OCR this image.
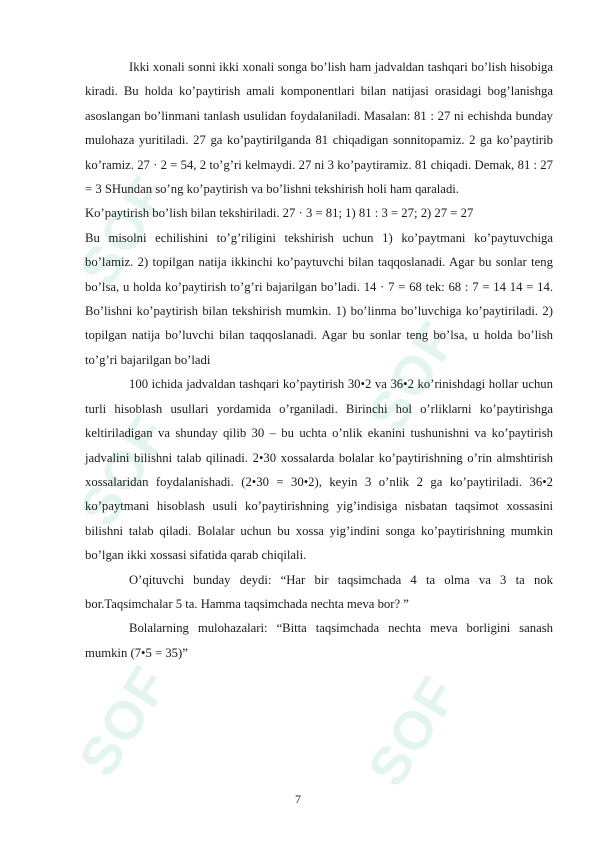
SOF
SOF
SOF
SOF
SOF

Ikki xonali sonni ikki xonali songa bo’lish ham jadvaldan tashqari bo’lish hisobiga kiradi. Bu holda ko’paytirish amali komponentlari bilan natijasi orasidagi bog’lanishga asoslangan bo’linmani tanlash usulidan foydalaniladi. Masalan: 81 : 27 ni echishda bunday mulohaza yuritiladi. 27 ga ko’paytirilganda 81 chiqadigan sonnitopamiz. 2 ga ko’paytirib ko’ramiz. 27 · 2 = 54, 2 to’g’ri kelmaydi. 27 ni 3 ko’paytiramiz. 81 chiqadi. Demak, 81 : 27 = 3 SHundan so’ng ko’paytirish va bo’lishni tekshirish holi ham qaraladi.

Ko’paytirish bo’lish bilan tekshiriladi. 27 · 3 = 81; 1) 81 : 3 = 27; 2) 27 = 27

Bu misolni echilishini to’g’riligini tekshirish uchun 1) ko’paytmani ko’paytuvchiga bo’lamiz. 2) topilgan natija ikkinchi ko’paytuvchi bilan taqqoslanadi. Agar bu sonlar teng bo’lsa, u holda ko’paytirish to’g’ri bajarilgan bo’ladi. 14 · 7 = 68 tek: 68 : 7 = 14 14 = 14. Bo’lishni ko’paytirish bilan tekshirish mumkin. 1) bo’linma bo’luvchiga ko’paytiriladi. 2) topilgan natija bo’luvchi bilan taqqoslanadi. Agar bu sonlar teng bo’lsa, u holda bo’lish to’g’ri bajarilgan bo’ladi

100 ichida jadvaldan tashqari ko’paytirish 30•2 va 36•2 ko’rinishdagi hollar uchun turli hisoblash usullari yordamida o’rganiladi. Birinchi hol o’rliklarni ko’paytirishga keltiriladigan va shunday qilib 30 – bu uchta o’nlik ekanini tushunishni va ko’paytirish jadvalini bilishni talab qilinadi. 2•30 xossalarda bolalar ko’paytirishning o’rin almshtirish xossalaridan foydalanishadi. (2•30 = 30•2), keyin 3 o’nlik 2 ga ko’paytiriladi. 36•2 ko’paytmani hisoblash usuli ko’paytirishning yig’indisiga nisbatan taqsimot xossasini bilishni talab qiladi. Bolalar uchun bu xossa yig’indini songa ko’paytirishning mumkin bo’lgan ikki xossasi sifatida qarab chiqilali.

O’qituvchi bunday deydi: “Har bir taqsimchada 4 ta olma va 3 ta nok bor.Taqsimchalar 5 ta. Hamma taqsimchada nechta meva bor? ”

Bolalarning mulohazalari: “Bitta taqsimchada nechta meva borligini sanash mumkin (7•5 = 35)”

7
